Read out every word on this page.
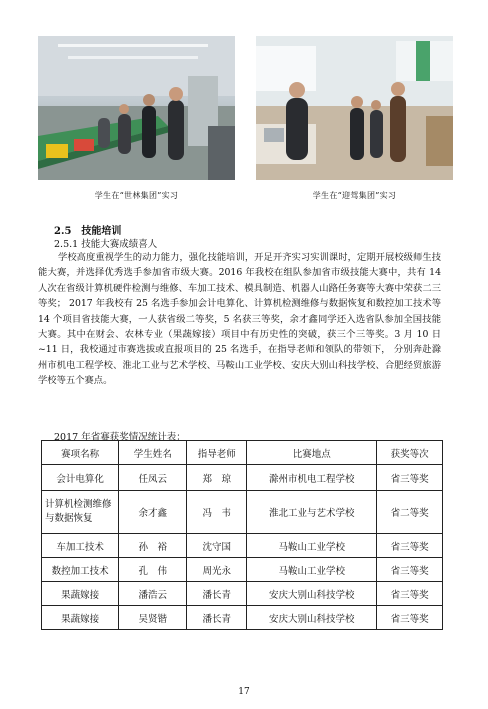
学生在“世林集团”实习	学生在“迎驾集团”实习
2.5 技能培训
2.5.1 技能大赛成绩喜人
学校高度重视学生的动力能力，强化技能培训，开足开齐实习实训课时，定期开展校级师生技能大赛，并选择优秀选手参加省市级大赛。2016 年我校在组队参加省市级技能大赛中，共有 14 人次在省级计算机硬件检测与维修、车加工技术、模具制造、机器人山路任务赛等大赛中荣获二三等奖； 2017 年我校有 25 名选手参加会计电算化、计算机检测维修与数据恢复和数控加工技术等 14 个项目省技能大赛，一人获省级二等奖，5 名获三等奖，余才鑫同学还入选省队参加全国技能大赛。其中在财会、农林专业（果蔬嫁接）项目中有历史性的突破，获三个三等奖。3 月 10 日~11 日，我校通过市赛选拔或直报项目的 25 名选手，在指导老师和领队的带领下， 分别奔赴滁州市机电工程学校、淮北工业与艺术学校、马鞍山工业学校、安庆大别山科技学校、合肥经贸旅游学校等五个赛点。
2017 年省赛获奖情况统计表：
赛项名称	学生姓名	指导老师	比赛地点	获奖等次
会计电算化	任凤云	郑　琼	滁州市机电工程学校	省三等奖
计算机检测维修与数据恢复	余才鑫	冯　韦	淮北工业与艺术学校	省二等奖
车加工技术	孙　裕	沈守国	马鞍山工业学校	省三等奖
数控加工技术	孔　伟	周光永	马鞍山工业学校	省三等奖
果蔬嫁接	潘浩云	潘长青	安庆大别山科技学校	省三等奖
果蔬嫁接	吴贤锴	潘长青	安庆大别山科技学校	省三等奖
17
